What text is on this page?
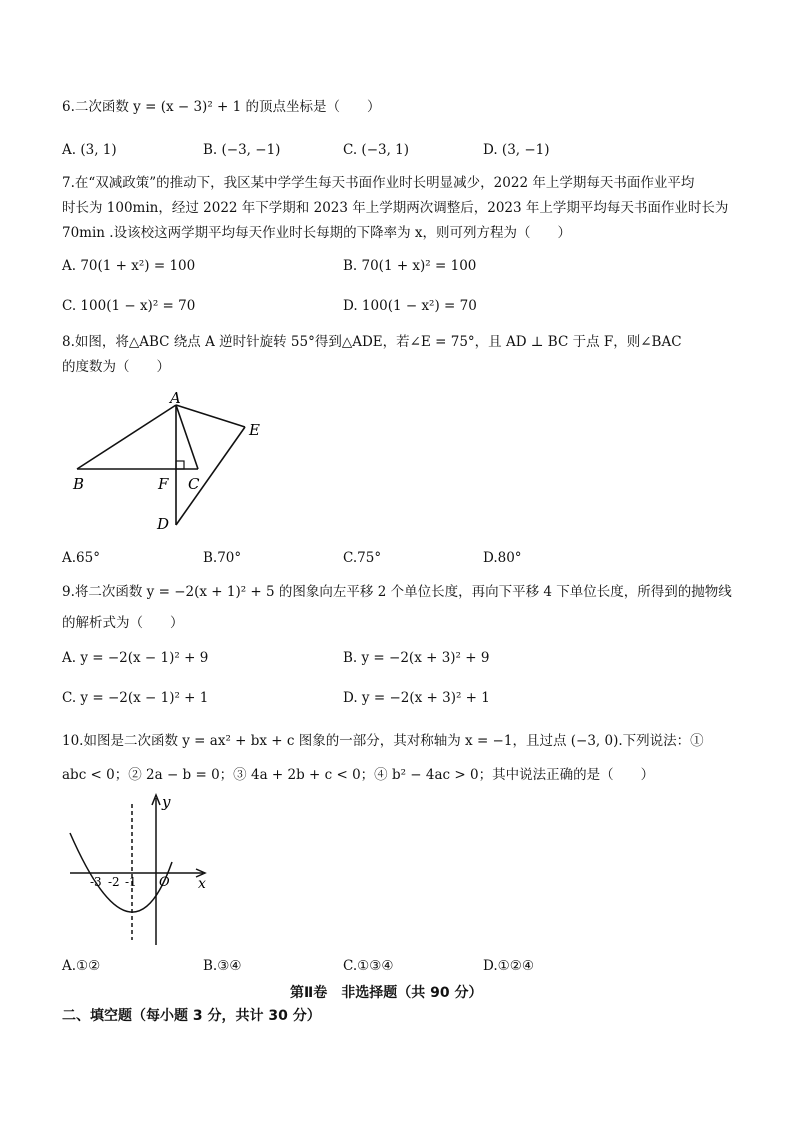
6.二次函数 y = (x − 3)² + 1 的顶点坐标是（　　）
A. (3, 1)	B. (−3, −1)	C. (−3, 1)	D. (3, −1)
7.在“双减政策”的推动下，我区某中学学生每天书面作业时长明显减少，2022 年上学期每天书面作业平均
时长为 100min，经过 2022 年下学期和 2023 年上学期两次调整后，2023 年上学期平均每天书面作业时长为
70min .设该校这两学期平均每天作业时长每期的下降率为 x，则可列方程为（　　）
A. 70(1 + x²) = 100	B. 70(1 + x)² = 100
C. 100(1 − x)² = 70	D. 100(1 − x²) = 70
8.如图，将△ABC 绕点 A 逆时针旋转 55°得到△ADE，若∠E = 75°，且 AD ⊥ BC 于点 F，则∠BAC
的度数为（　　）
A
E
B	F C
D
A.65°	B.70°	C.75°	D.80°
9.将二次函数 y = −2(x + 1)² + 5 的图象向左平移 2 个单位长度，再向下平移 4 下单位长度，所得到的抛物线
的解析式为（　　）
A. y = −2(x − 1)² + 9	B. y = −2(x + 3)² + 9
C. y = −2(x − 1)² + 1	D. y = −2(x + 3)² + 1
10.如图是二次函数 y = ax² + bx + c 图象的一部分，其对称轴为 x = −1，且过点 (−3, 0).下列说法：①
abc < 0；② 2a − b = 0；③ 4a + 2b + c < 0；④ b² − 4ac > 0；其中说法正确的是（　　）
y
x
-3 -2 -1 O
A.①②	B.③④	C.①③④	D.①②④
第Ⅱ卷　非选择题（共 90 分）
二、填空题（每小题 3 分，共计 30 分）
